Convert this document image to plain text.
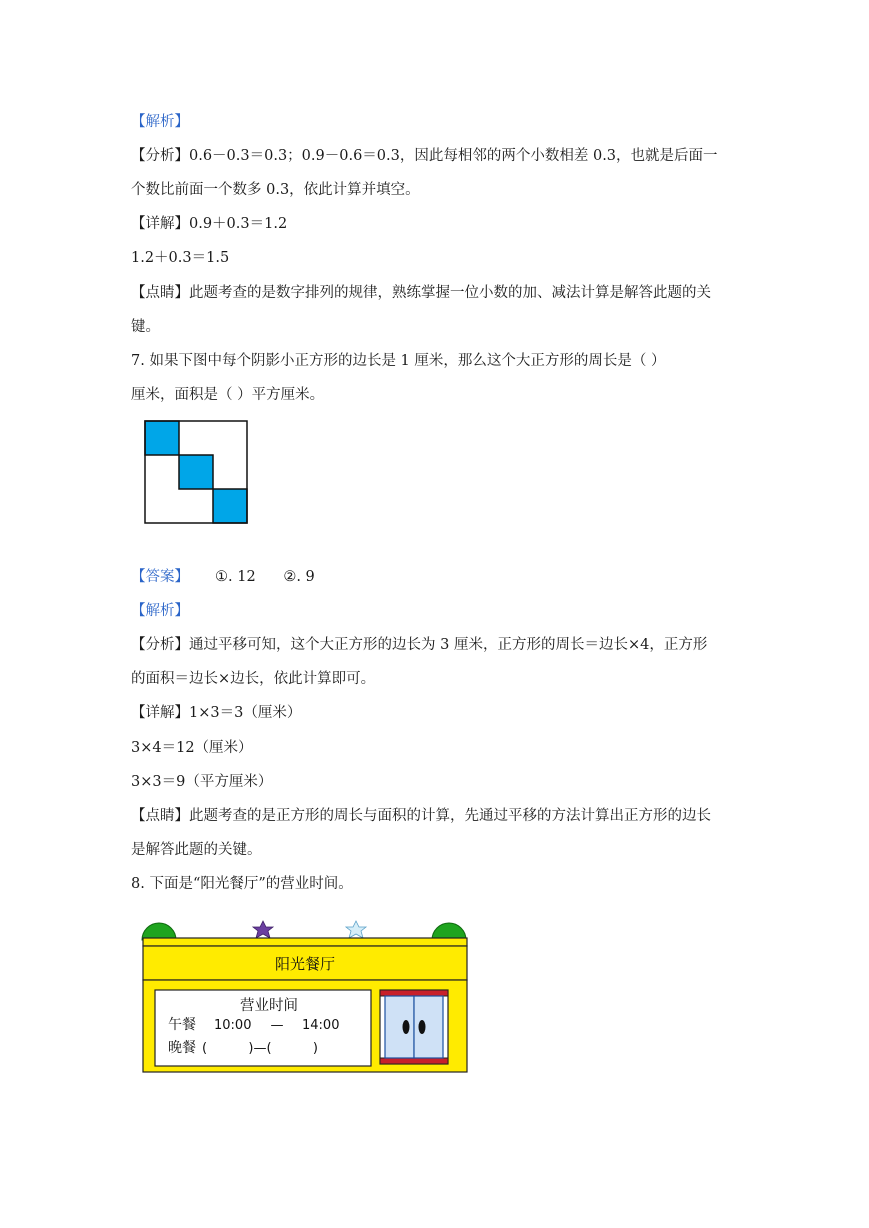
【解析】
【分析】0.6－0.3＝0.3；0.9－0.6＝0.3，因此每相邻的两个小数相差 0.3，也就是后面一
个数比前面一个数多 0.3，依此计算并填空。
【详解】0.9＋0.3＝1.2
1.2＋0.3＝1.5
【点睛】此题考查的是数字排列的规律，熟练掌握一位小数的加、减法计算是解答此题的关
键。
7. 如果下图中每个阴影小正方形的边长是 1 厘米，那么这个大正方形的周长是（ ）
厘米，面积是（ ）平方厘米。
【答案】 ①. 12      ②. 9
【解析】
【分析】通过平移可知，这个大正方形的边长为 3 厘米，正方形的周长＝边长×4，正方形
的面积＝边长×边长，依此计算即可。
【详解】1×3＝3（厘米）
3×4＝12（厘米）
3×3＝9（平方厘米）
【点睛】此题考查的是正方形的周长与面积的计算，先通过平移的方法计算出正方形的边长
是解答此题的关键。
8. 下面是“阳光餐厅”的营业时间。
阳光餐厅
营业时间
午餐 10:00 — 14:00
晚餐 (          )—(          )
